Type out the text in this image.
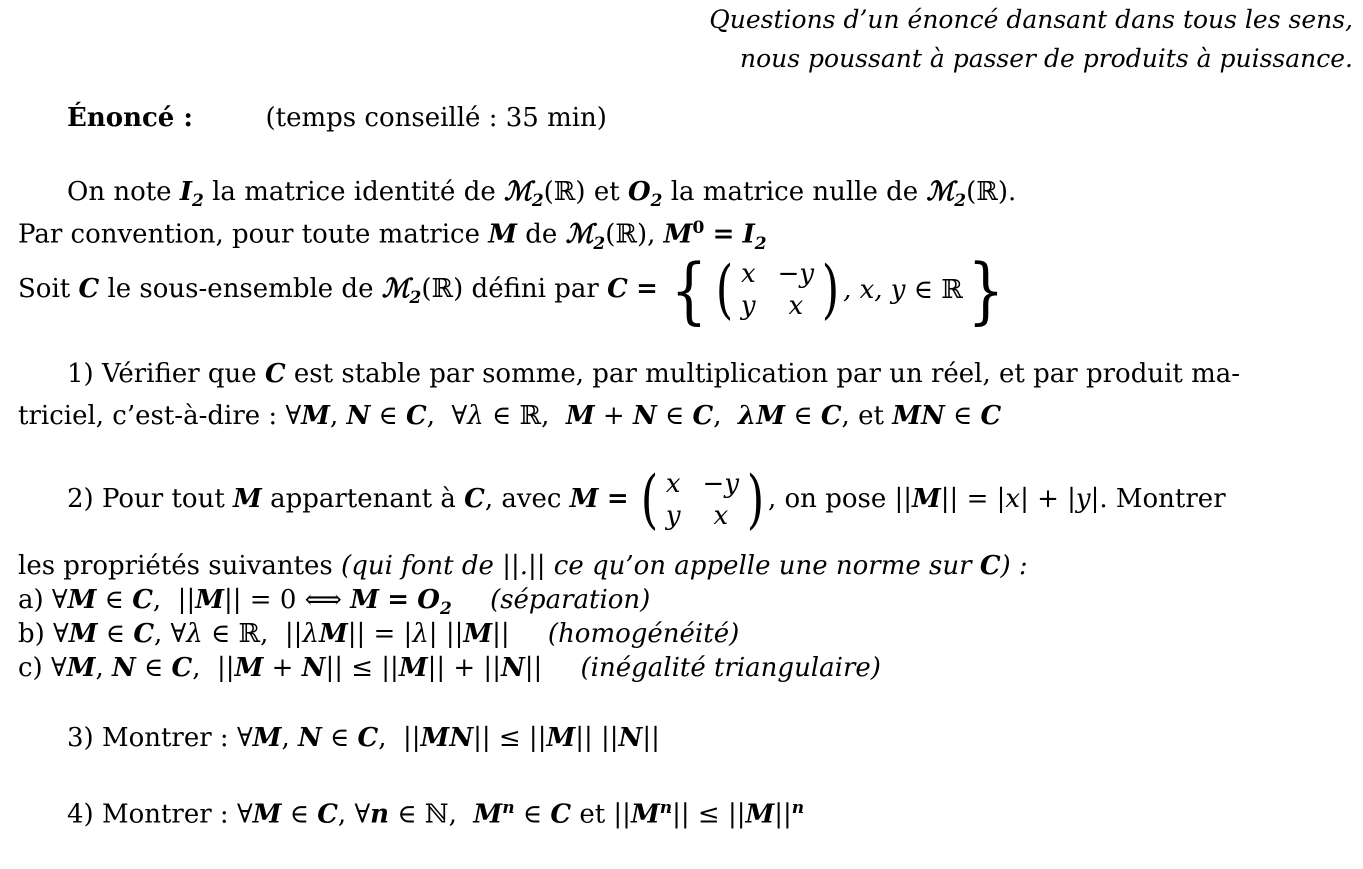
Questions d’un énoncé dansant dans tous les sens,
nous poussant à passer de produits à puissance.
Énoncé :	(temps conseillé : 35 min)
On note $I_2$ la matrice identité de ℳ$_2$(ℝ) et $O_2$ la matrice nulle de ℳ$_2$(ℝ).
Par convention, pour toute matrice M de ℳ$_2$(ℝ), $M^0 = I_2$
Soit C le sous-ensemble de ℳ$_2$(ℝ) défini par C = { ( x −y
y	x ) , x, y ∈ ℝ }
1) Vérifier que C est stable par somme, par multiplication par un réel, et par produit ma-
triciel, c’est-à-dire : ∀M, N ∈ C,  ∀λ ∈ ℝ,  M + N ∈ C,  λM ∈ C, et MN ∈ C
2) Pour tout M appartenant à C, avec M = ( x −y
y	x ) , on pose ||M|| = |x| + |y|. Montrer
les propriétés suivantes (qui font de ||.|| ce qu’on appelle une norme sur C) :
a) ∀M ∈ C,  ||M|| = 0 ⟺ $M = O_2$ (séparation)
b) ∀M ∈ C, ∀λ ∈ ℝ,  ||λM|| = |λ| ||M|| (homogénéité)
c) ∀M, N ∈ C,  ||M + N|| ≤ ||M|| + ||N|| (inégalité triangulaire)
3) Montrer : ∀M, N ∈ C,  ||MN|| ≤ ||M|| ||N||
4) Montrer : ∀M ∈ C, ∀n ∈ ℕ,  $M^n$ ∈ C et $||M^n|| \le ||M||^n$
